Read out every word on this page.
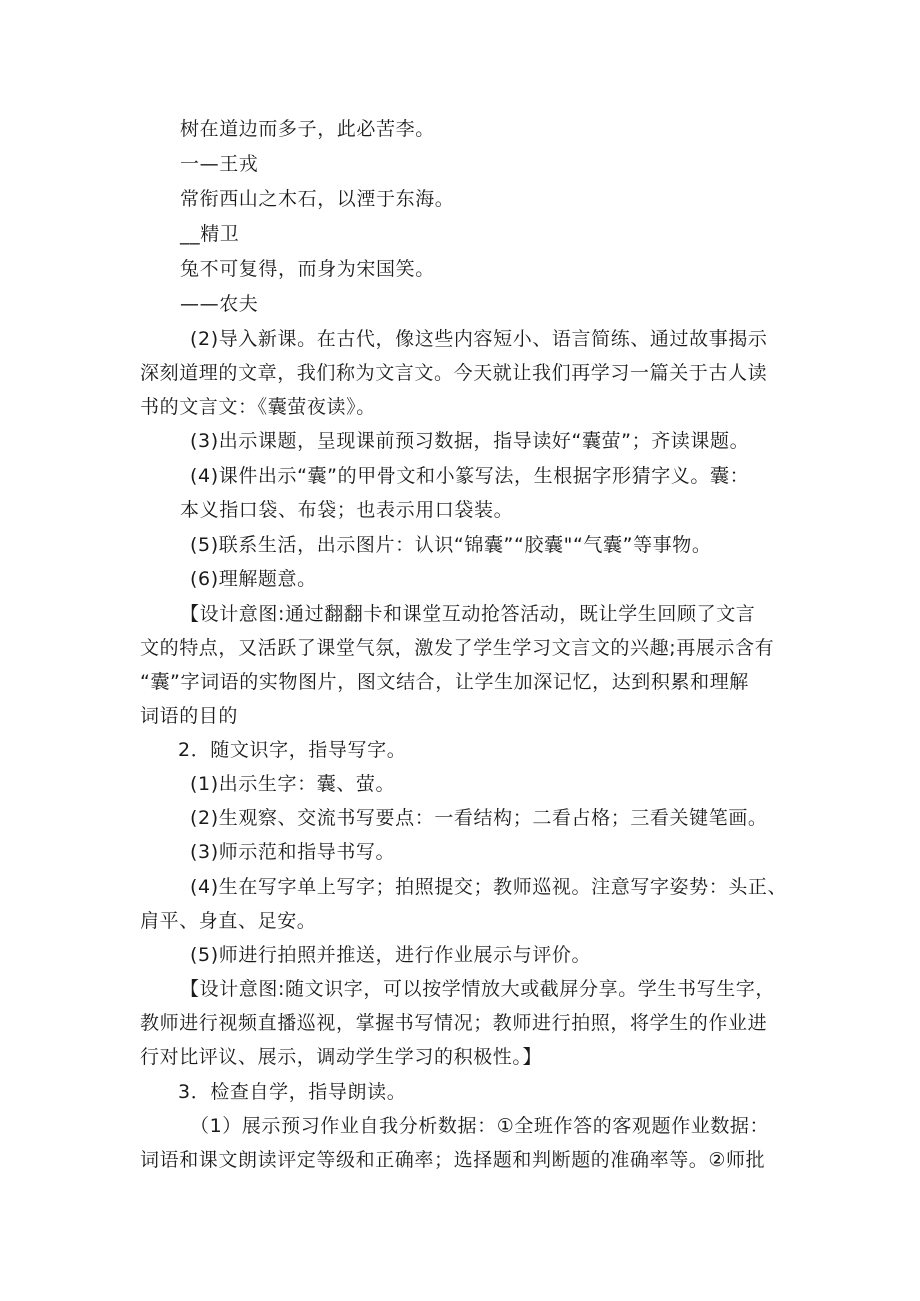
树在道边而多子，此必苦李。
一—王戎
常衔西山之木石，以湮于东海。
__精卫
兔不可复得，而身为宋国笑。
——农夫
(2)导入新课。在古代，像这些内容短小、语言简练、通过故事揭示
深刻道理的文章，我们称为文言文。今天就让我们再学习一篇关于古人读
书的文言文：《囊萤夜读》。
(3)出示课题，呈现课前预习数据，指导读好“囊萤”；齐读课题。
(4)课件出示“囊”的甲骨文和小篆写法，生根据字形猜字义。囊：
本义指口袋、布袋；也表示用口袋装。
(5)联系生活，出示图片：认识“锦囊”“胶囊"“气囊”等事物。
(6)理解题意。
【设计意图:通过翻翻卡和课堂互动抢答活动，既让学生回顾了文言
文的特点，又活跃了课堂气氛，激发了学生学习文言文的兴趣;再展示含有
“囊”字词语的实物图片，图文结合，让学生加深记忆，达到积累和理解
词语的目的
2．随文识字，指导写字。
(1)出示生字：囊、萤。
(2)生观察、交流书写要点：一看结构；二看占格；三看关键笔画。
(3)师示范和指导书写。
(4)生在写字单上写字；拍照提交；教师巡视。注意写字姿势：头正、
肩平、身直、足安。
(5)师进行拍照并推送，进行作业展示与评价。
【设计意图:随文识字，可以按学情放大或截屏分享。学生书写生字，
教师进行视频直播巡视，掌握书写情况；教师进行拍照，将学生的作业进
行对比评议、展示，调动学生学习的积极性。】
3．检查自学，指导朗读。
（1）展示预习作业自我分析数据：①全班作答的客观题作业数据：
词语和课文朗读评定等级和正确率；选择题和判断题的准确率等。②师批
